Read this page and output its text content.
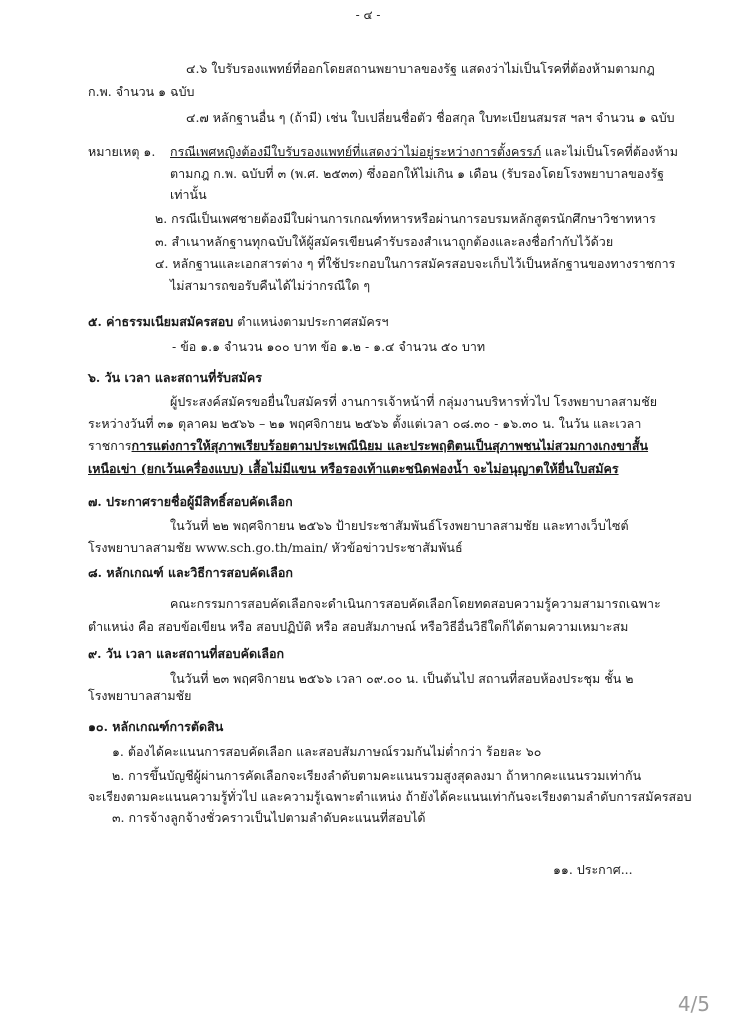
- ๔ -
๔.๖ ใบรับรองแพทย์ที่ออกโดยสถานพยาบาลของรัฐ แสดงว่าไม่เป็นโรคที่ต้องห้ามตามกฎ
ก.พ. จำนวน ๑ ฉบับ
๔.๗ หลักฐานอื่น ๆ (ถ้ามี) เช่น ใบเปลี่ยนชื่อตัว ชื่อสกุล ใบทะเบียนสมรส ฯลฯ จำนวน ๑ ฉบับ
หมายเหตุ ๑. กรณีเพศหญิงต้องมีใบรับรองแพทย์ที่แสดงว่าไม่อยู่ระหว่างการตั้งครรภ์ และไม่เป็นโรคที่ต้องห้าม
ตามกฎ ก.พ. ฉบับที่ ๓ (พ.ศ. ๒๕๓๓) ซึ่งออกให้ไม่เกิน ๑ เดือน (รับรองโดยโรงพยาบาลของรัฐ
เท่านั้น
๒. กรณีเป็นเพศชายต้องมีใบผ่านการเกณฑ์ทหารหรือผ่านการอบรมหลักสูตรนักศึกษาวิชาทหาร
๓. สำเนาหลักฐานทุกฉบับให้ผู้สมัครเขียนคำรับรองสำเนาถูกต้องและลงชื่อกำกับไว้ด้วย
๔. หลักฐานและเอกสารต่าง ๆ ที่ใช้ประกอบในการสมัครสอบจะเก็บไว้เป็นหลักฐานของทางราชการ
ไม่สามารถขอรับคืนได้ไม่ว่ากรณีใด ๆ
๕. ค่าธรรมเนียมสมัครสอบ ตำแหน่งตามประกาศสมัครฯ
- ข้อ ๑.๑ จำนวน ๑๐๐ บาท ข้อ ๑.๒ - ๑.๔ จำนวน ๕๐ บาท
๖. วัน เวลา และสถานที่รับสมัคร
ผู้ประสงค์สมัครขอยื่นใบสมัครที่ งานการเจ้าหน้าที่ กลุ่มงานบริหารทั่วไป โรงพยาบาลสามชัย
ระหว่างวันที่ ๓๑ ตุลาคม ๒๕๖๖ – ๒๑ พฤศจิกายน ๒๕๖๖ ตั้งแต่เวลา ๐๘.๓๐ - ๑๖.๓๐ น. ในวัน และเวลา
ราชการการแต่งการให้สุภาพเรียบร้อยตามประเพณีนิยม และประพฤติตนเป็นสุภาพชนไม่สวมกางเกงขาสั้น
เหนือเข่า (ยกเว้นเครื่องแบบ) เสื้อไม่มีแขน หรือรองเท้าแตะชนิดฟองน้ำ จะไม่อนุญาตให้ยื่นใบสมัคร
๗. ประกาศรายชื่อผู้มีสิทธิ์สอบคัดเลือก
ในวันที่ ๒๒ พฤศจิกายน ๒๕๖๖ ป้ายประชาสัมพันธ์โรงพยาบาลสามชัย และทางเว็บไซต์
โรงพยาบาลสามชัย www.sch.go.th/main/ หัวข้อข่าวประชาสัมพันธ์
๘. หลักเกณฑ์ และวิธีการสอบคัดเลือก
คณะกรรมการสอบคัดเลือกจะดำเนินการสอบคัดเลือกโดยทดสอบความรู้ความสามารถเฉพาะ
ตำแหน่ง คือ สอบข้อเขียน หรือ สอบปฏิบัติ หรือ สอบสัมภาษณ์ หรือวิธีอื่นวิธีใดก็ได้ตามความเหมาะสม
๙. วัน เวลา และสถานที่สอบคัดเลือก
ในวันที่ ๒๓ พฤศจิกายน ๒๕๖๖ เวลา ๐๙.๐๐ น. เป็นต้นไป สถานที่สอบห้องประชุม ชั้น ๒
โรงพยาบาลสามชัย
๑๐. หลักเกณฑ์การตัดสิน
๑. ต้องได้คะแนนการสอบคัดเลือก และสอบสัมภาษณ์รวมกันไม่ต่ำกว่า ร้อยละ ๖๐
๒. การขึ้นบัญชีผู้ผ่านการคัดเลือกจะเรียงลำดับตามคะแนนรวมสูงสุดลงมา ถ้าหากคะแนนรวมเท่ากัน
จะเรียงตามคะแนนความรู้ทั่วไป และความรู้เฉพาะตำแหน่ง ถ้ายังได้คะแนนเท่ากันจะเรียงตามลำดับการสมัครสอบ
๓. การจ้างลูกจ้างชั่วคราวเป็นไปตามลำดับคะแนนที่สอบได้
๑๑. ประกาศ...
4/5
